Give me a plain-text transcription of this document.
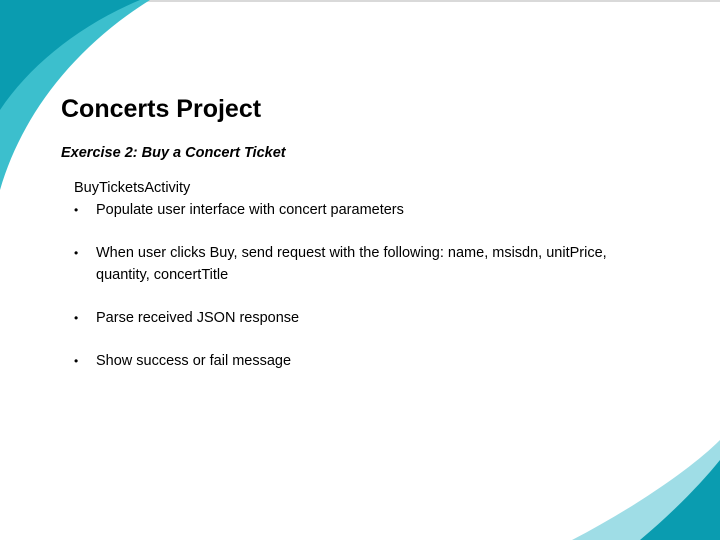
Concerts Project
Exercise 2: Buy a Concert Ticket

BuyTicketsActivity

• Populate user interface with concert parameters
• When user clicks Buy, send request with the following: name, msisdn, unitPrice, quantity, concertTitle
• Parse received JSON response
• Show success or fail message
